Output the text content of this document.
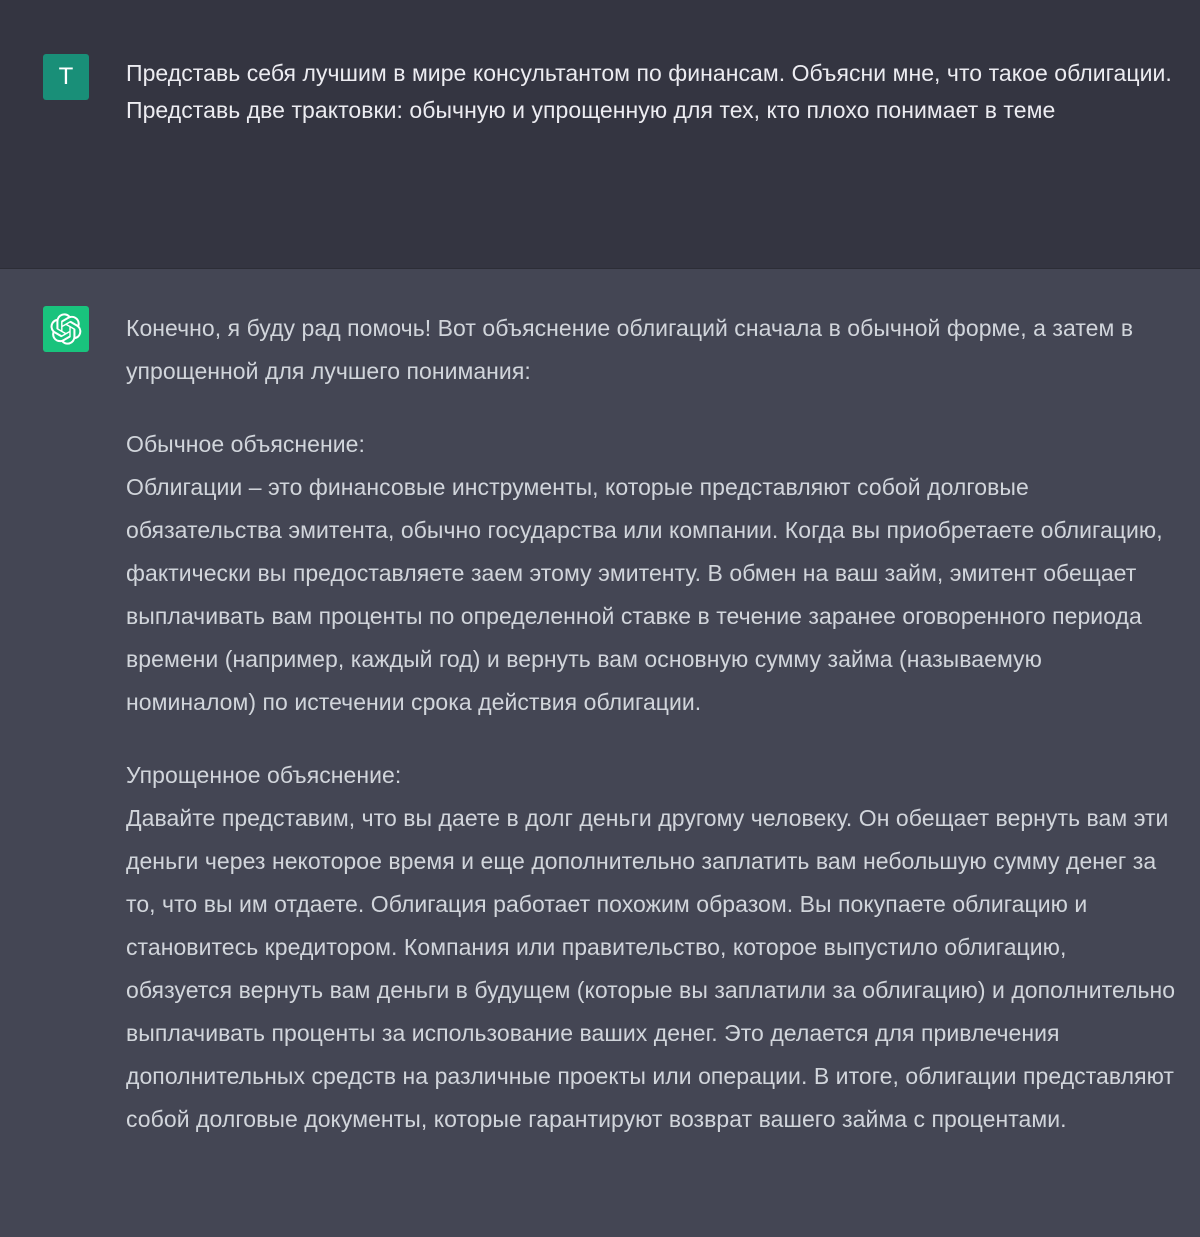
T Представь себя лучшим в мире консультантом по финансам. Объясни мне, что такое облигации. Представь две трактовки: обычную и упрощенную для тех, кто плохо понимает в теме

Конечно, я буду рад помочь! Вот объяснение облигаций сначала в обычной форме, а затем в упрощенной для лучшего понимания:

Обычное объяснение:
Облигации – это финансовые инструменты, которые представляют собой долговые обязательства эмитента, обычно государства или компании. Когда вы приобретаете облигацию, фактически вы предоставляете заем этому эмитенту. В обмен на ваш займ, эмитент обещает выплачивать вам проценты по определенной ставке в течение заранее оговоренного периода времени (например, каждый год) и вернуть вам основную сумму займа (называемую номиналом) по истечении срока действия облигации.

Упрощенное объяснение:
Давайте представим, что вы даете в долг деньги другому человеку. Он обещает вернуть вам эти деньги через некоторое время и еще дополнительно заплатить вам небольшую сумму денег за то, что вы им отдаете. Облигация работает похожим образом. Вы покупаете облигацию и становитесь кредитором. Компания или правительство, которое выпустило облигацию, обязуется вернуть вам деньги в будущем (которые вы заплатили за облигацию) и дополнительно выплачивать проценты за использование ваших денег. Это делается для привлечения дополнительных средств на различные проекты или операции. В итоге, облигации представляют собой долговые документы, которые гарантируют возврат вашего займа с процентами.
